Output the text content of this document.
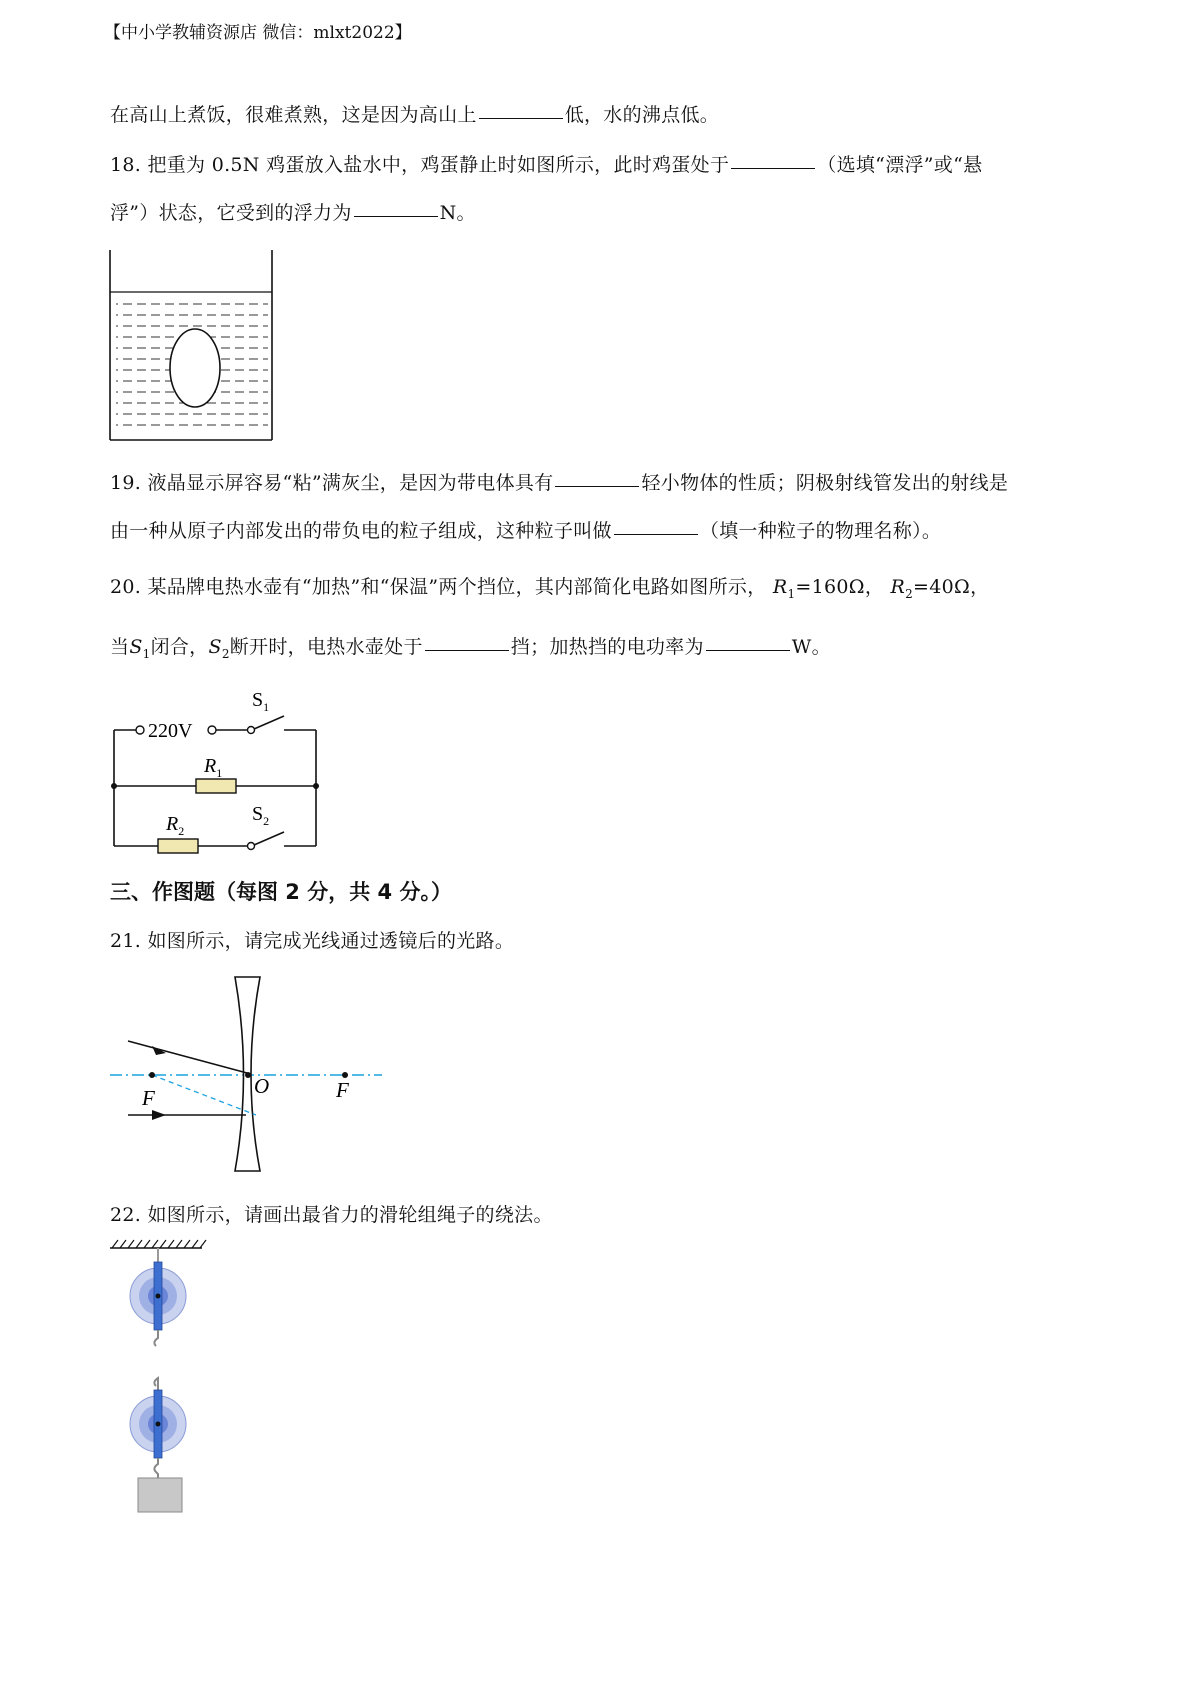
【中小学教辅资源店 微信：mlxt2022】
在高山上煮饭，很难煮熟，这是因为高山上	低，水的沸点低。
18. 把重为 0.5N 鸡蛋放入盐水中，鸡蛋静止时如图所示，此时鸡蛋处于	（选填“漂浮”或“悬
浮”）状态，它受到的浮力为	N。
19. 液晶显示屏容易“粘”满灰尘，是因为带电体具有	轻小物体的性质；阴极射线管发出的射线是
由一种从原子内部发出的带负电的粒子组成，这种粒子叫做	（填一种粒子的物理名称）。
20. 某品牌电热水壶有“加热”和“保温”两个挡位，其内部简化电路如图所示， $R_1=160\Omega$， $R_2=40\Omega$，
当$S_1$闭合，$S_2$断开时，电热水壶处于	挡；加热挡的电功率为	W。
220V
$S_1$
$R_1$
$R_2$
$S_2$
三、作图题（每图 2 分，共 4 分。）
21. 如图所示，请完成光线通过透镜后的光路。
F	O	F
22. 如图所示，请画出最省力的滑轮组绳子的绕法。
